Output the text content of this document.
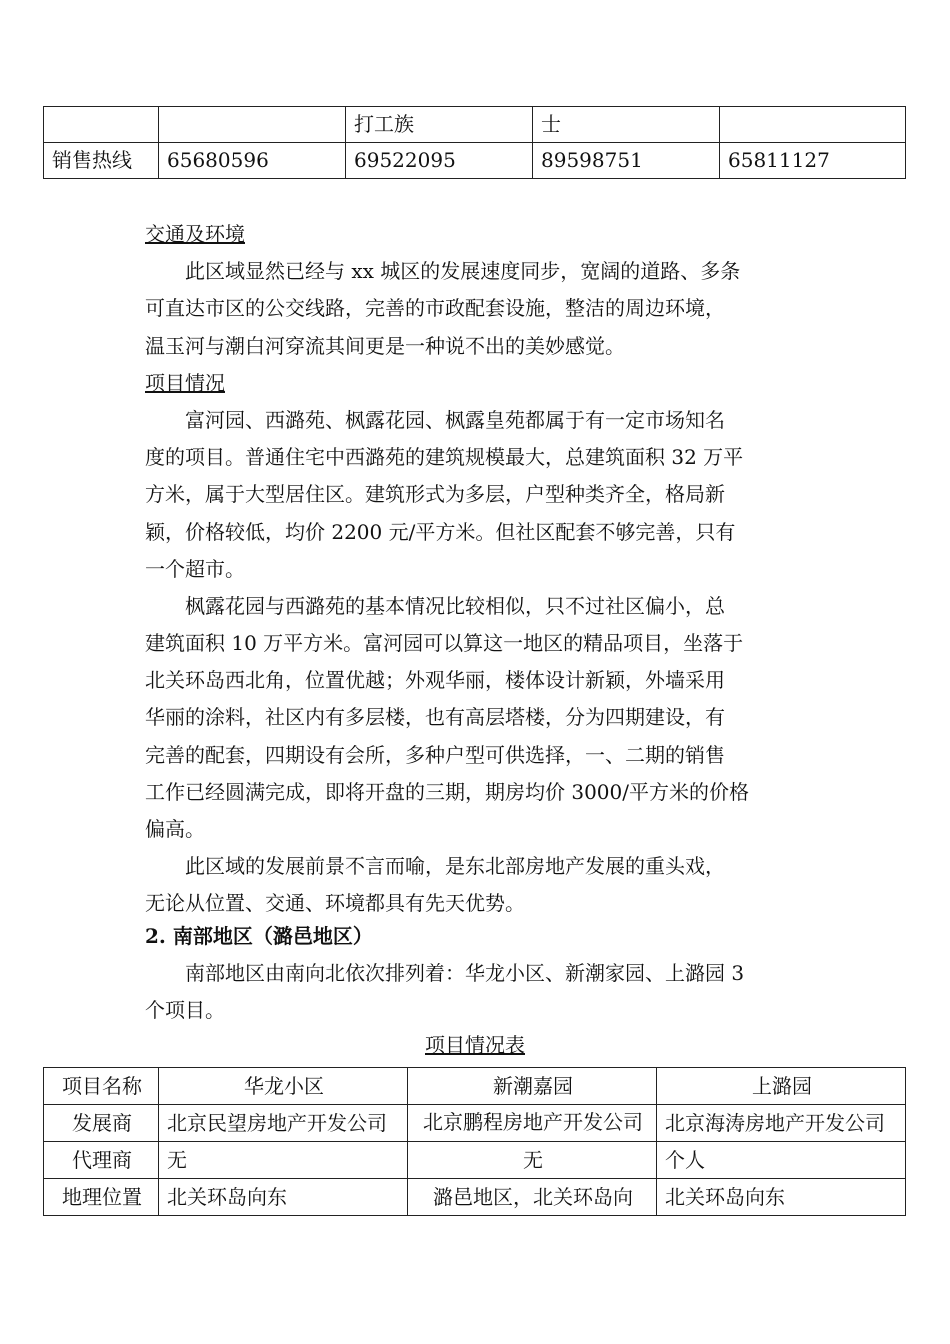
		打工族	士	
销售热线	65680596	69522095	89598751	65811127
交通及环境
此区域显然已经与 xx 城区的发展速度同步，宽阔的道路、多条
可直达市区的公交线路，完善的市政配套设施，整洁的周边环境，
温玉河与潮白河穿流其间更是一种说不出的美妙感觉。
项目情况
富河园、西潞苑、枫露花园、枫露皇苑都属于有一定市场知名
度的项目。普通住宅中西潞苑的建筑规模最大，总建筑面积 32 万平
方米，属于大型居住区。建筑形式为多层，户型种类齐全，格局新
颖，价格较低，均价 2200 元/平方米。但社区配套不够完善，只有
一个超市。
枫露花园与西潞苑的基本情况比较相似，只不过社区偏小，总
建筑面积 10 万平方米。富河园可以算这一地区的精品项目，坐落于
北关环岛西北角，位置优越；外观华丽，楼体设计新颖，外墙采用
华丽的涂料，社区内有多层楼，也有高层塔楼，分为四期建设，有
完善的配套，四期设有会所，多种户型可供选择，一、二期的销售
工作已经圆满完成，即将开盘的三期，期房均价 3000/平方米的价格
偏高。
此区域的发展前景不言而喻，是东北部房地产发展的重头戏，
无论从位置、交通、环境都具有先天优势。
2. 南部地区（潞邑地区）
南部地区由南向北依次排列着：华龙小区、新潮家园、上潞园 3
个项目。
项目情况表
项目名称	华龙小区	新潮嘉园	上潞园
发展商	北京民望房地产开发公司	北京鹏程房地产开发公司	北京海涛房地产开发公司
代理商	无	无	个人
地理位置	北关环岛向东	潞邑地区，北关环岛向	北关环岛向东
